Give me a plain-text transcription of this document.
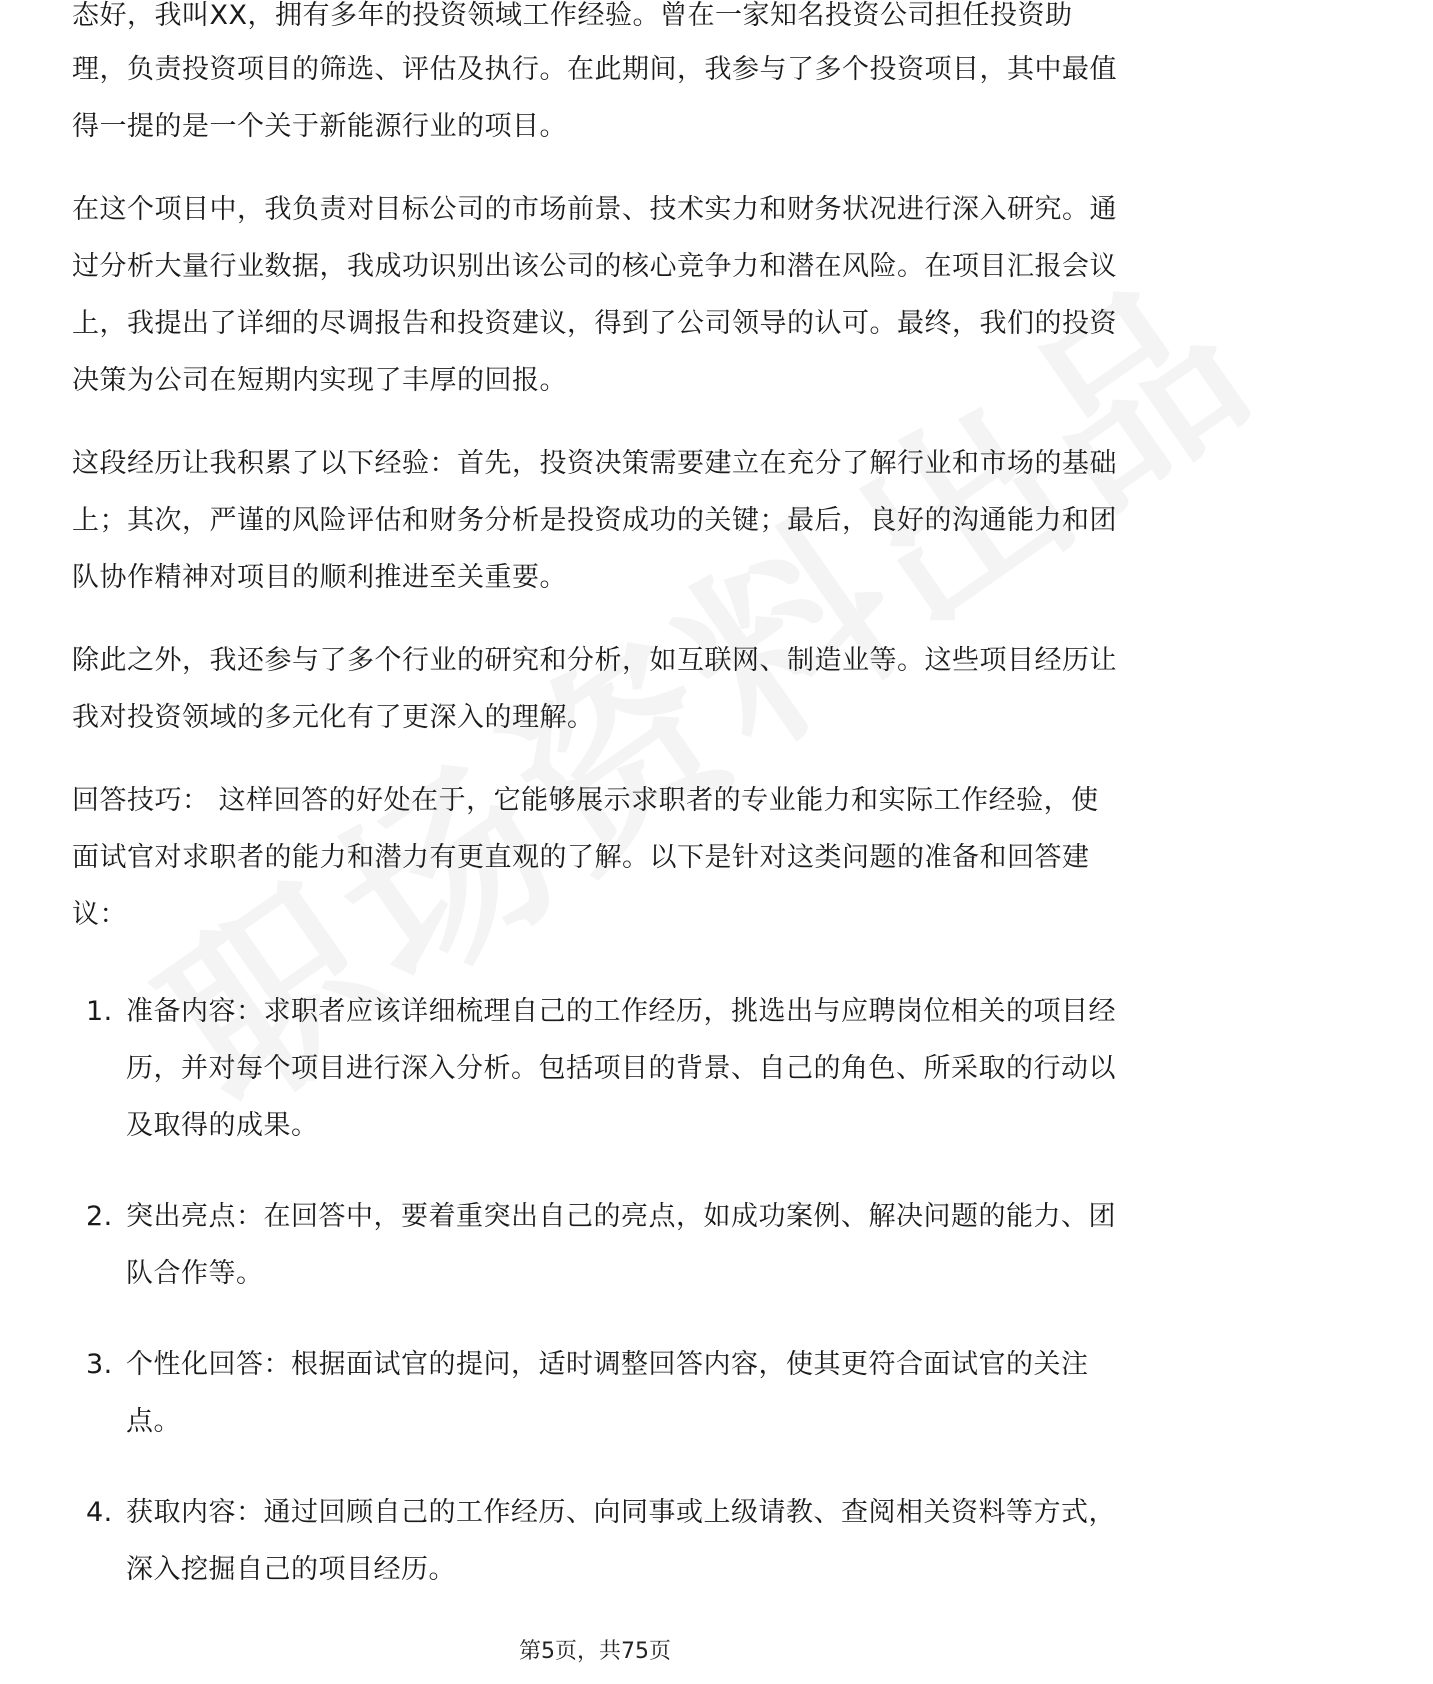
态好，我叫XX，拥有多年的投资领域工作经验。曾在一家知名投资公司担任投资助

理，负责投资项目的筛选、评估及执行。在此期间，我参与了多个投资项目，其中最值得一提的是一个关于新能源行业的项目。

在这个项目中，我负责对目标公司的市场前景、技术实力和财务状况进行深入研究。通过分析大量行业数据，我成功识别出该公司的核心竞争力和潜在风险。在项目汇报会议上，我提出了详细的尽调报告和投资建议，得到了公司领导的认可。最终，我们的投资决策为公司在短期内实现了丰厚的回报。

这段经历让我积累了以下经验：首先，投资决策需要建立在充分了解行业和市场的基础上；其次，严谨的风险评估和财务分析是投资成功的关键；最后，良好的沟通能力和团队协作精神对项目的顺利推进至关重要。

除此之外，我还参与了多个行业的研究和分析，如互联网、制造业等。这些项目经历让我对投资领域的多元化有了更深入的理解。

回答技巧： 这样回答的好处在于，它能够展示求职者的专业能力和实际工作经验，使面试官对求职者的能力和潜力有更直观的了解。以下是针对这类问题的准备和回答建议：

1. 准备内容：求职者应该详细梳理自己的工作经历，挑选出与应聘岗位相关的项目经历，并对每个项目进行深入分析。包括项目的背景、自己的角色、所采取的行动以及取得的成果。
2. 突出亮点：在回答中，要着重突出自己的亮点，如成功案例、解决问题的能力、团队合作等。
3. 个性化回答：根据面试官的提问，适时调整回答内容，使其更符合面试官的关注点。
4. 获取内容：通过回顾自己的工作经历、向同事或上级请教、查阅相关资料等方式，深入挖掘自己的项目经历。
第5页，共75页
